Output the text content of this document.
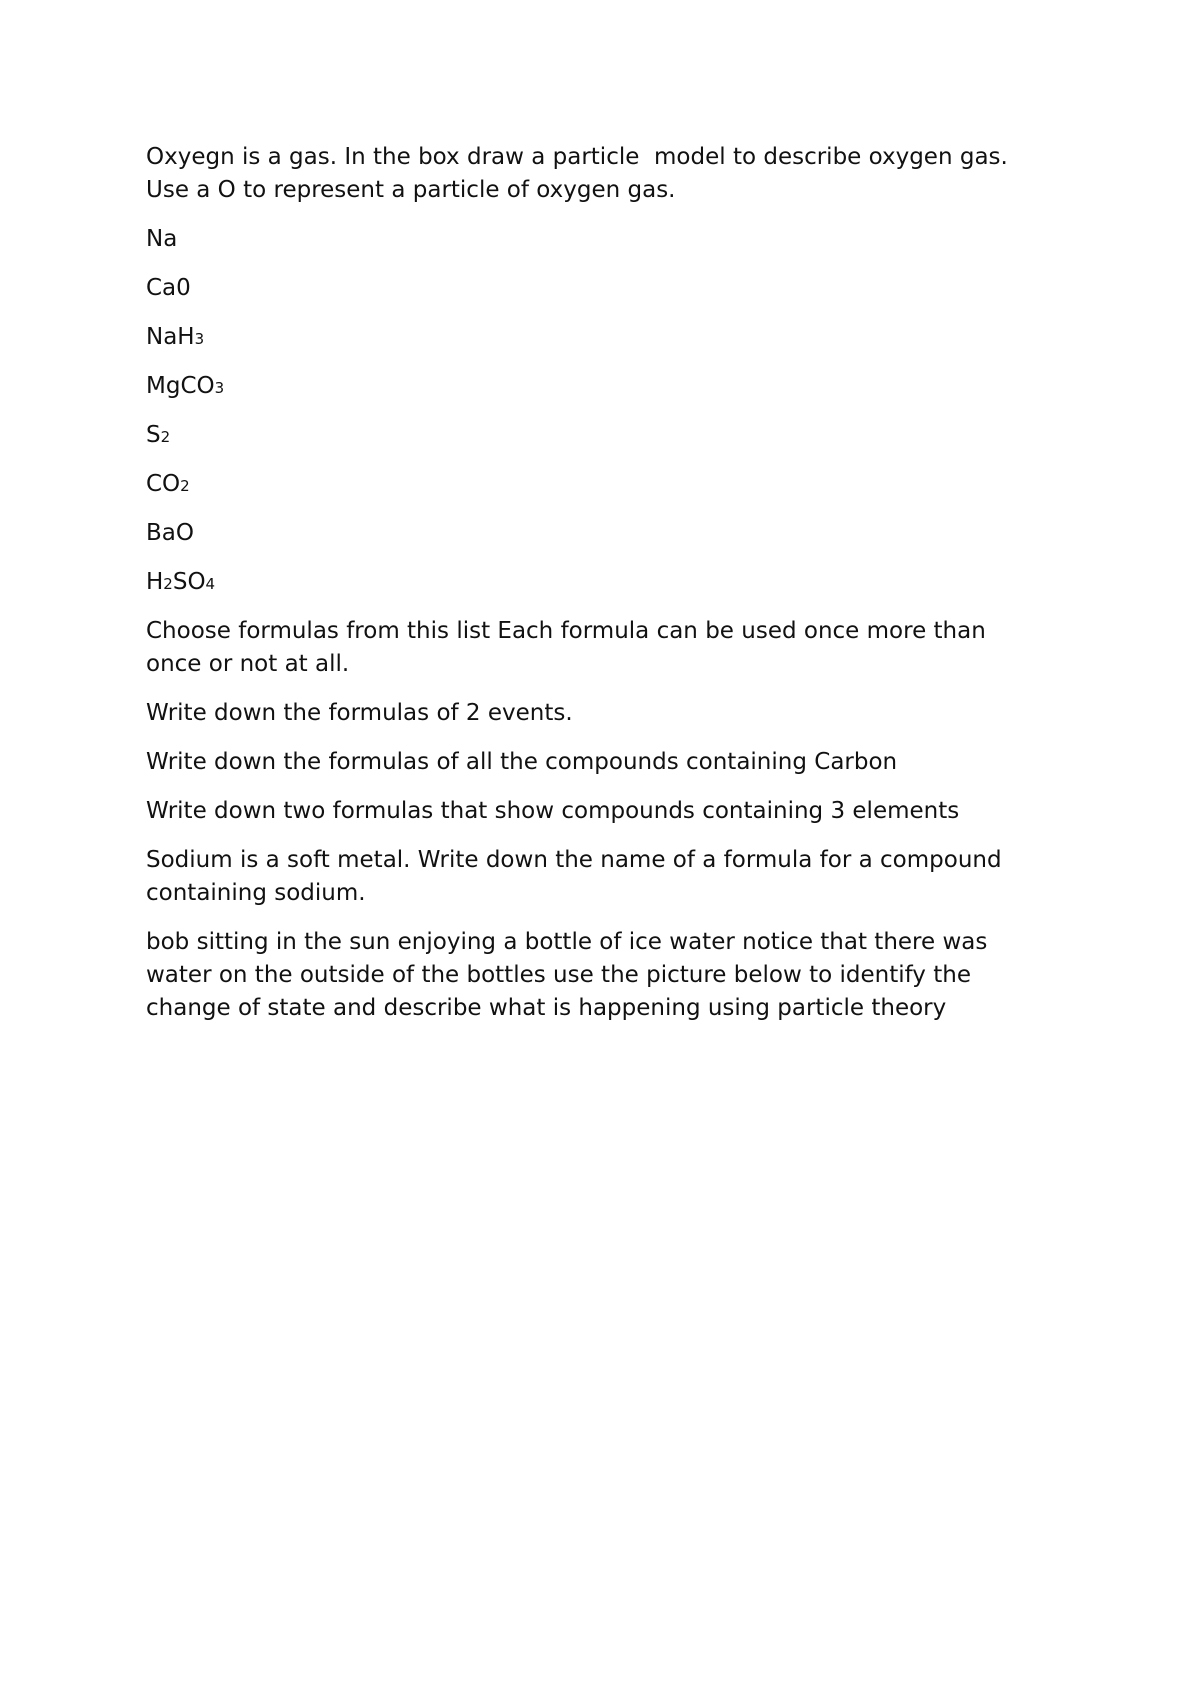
Oxyegn is a gas. In the box draw a particle  model to describe oxygen gas.
Use a O to represent a particle of oxygen gas.

Na
Ca0
NaH3
MgCO3
S2
CO2
BaO
H2SO4

Choose formulas from this list Each formula can be used once more than
once or not at all.

Write down the formulas of 2 events.

Write down the formulas of all the compounds containing Carbon

Write down two formulas that show compounds containing 3 elements

Sodium is a soft metal. Write down the name of a formula for a compound
containing sodium.

bob sitting in the sun enjoying a bottle of ice water notice that there was
water on the outside of the bottles use the picture below to identify the
change of state and describe what is happening using particle theory
